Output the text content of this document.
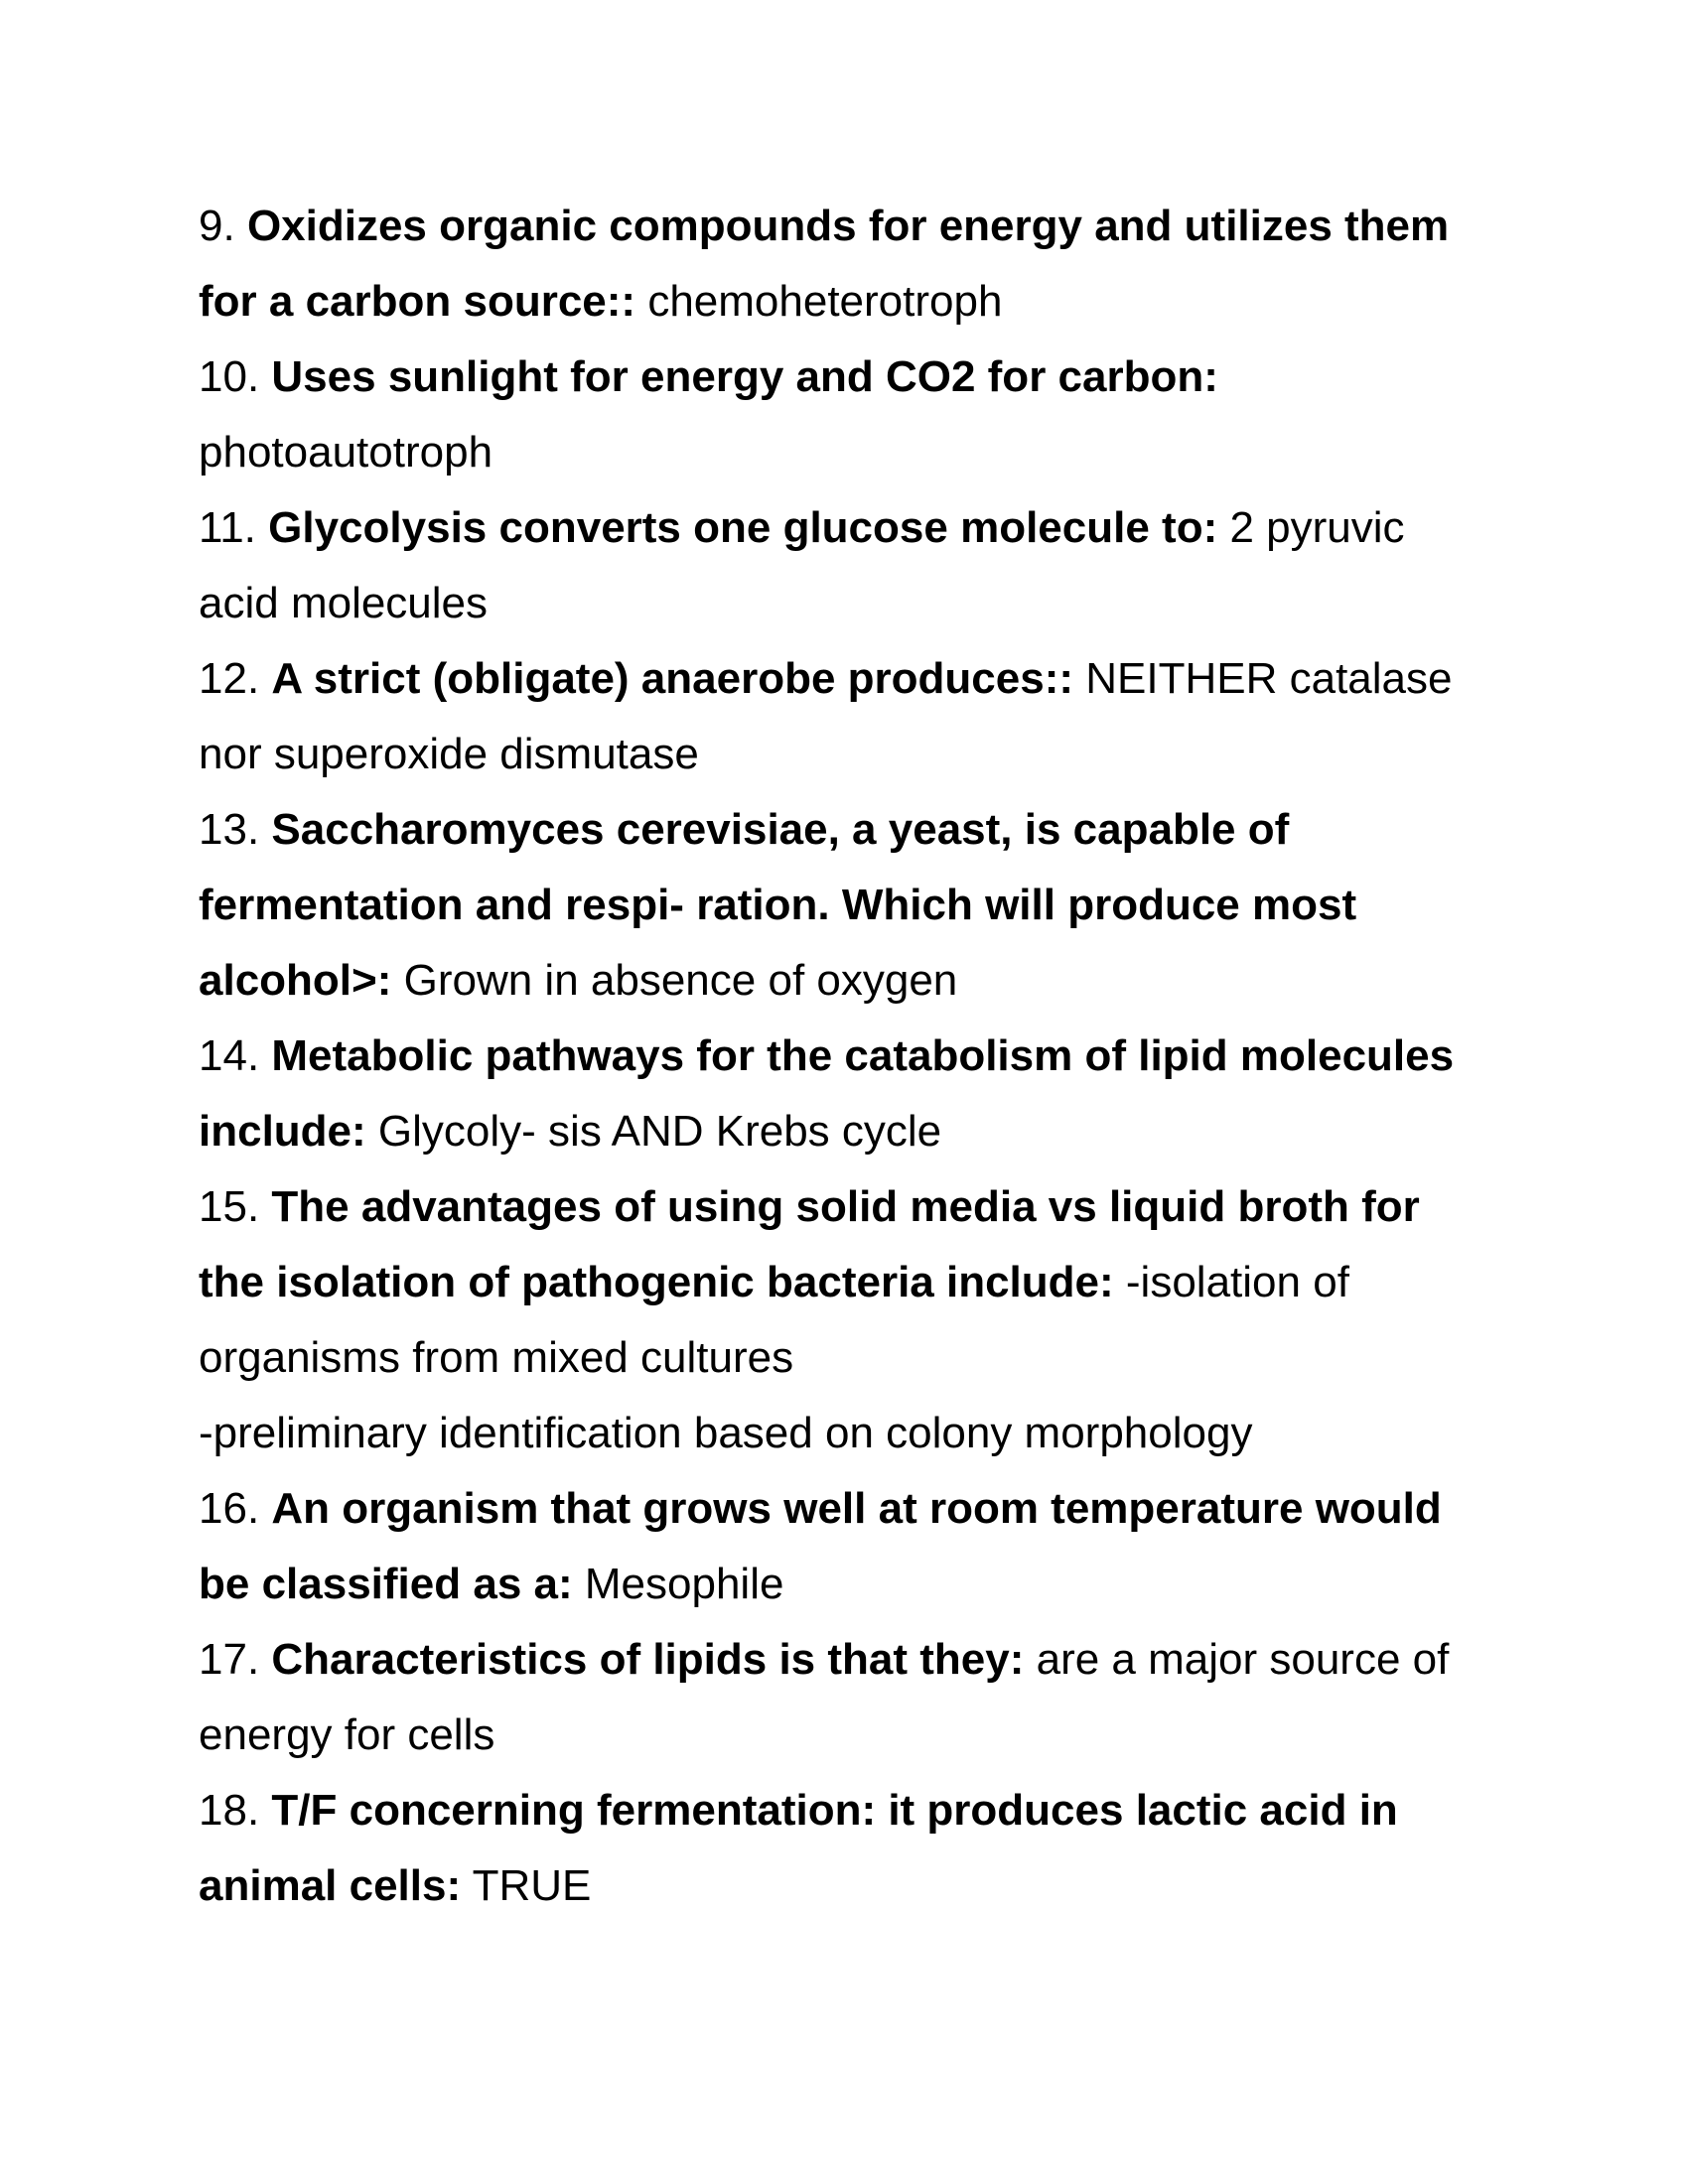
9. Oxidizes organic compounds for energy and utilizes them for a carbon source:: chemoheterotroph

10. Uses sunlight for energy and CO2 for carbon:
photoautotroph

11. Glycolysis converts one glucose molecule to: 2 pyruvic acid molecules

12. A strict (obligate) anaerobe produces:: NEITHER catalase nor superoxide dismutase

13. Saccharomyces cerevisiae, a yeast, is capable of fermentation and respi- ration. Which will produce most alcohol>: Grown in absence of oxygen

14. Metabolic pathways for the catabolism of lipid molecules include: Glycoly- sis AND Krebs cycle

15. The advantages of using solid media vs liquid broth for the isolation of pathogenic bacteria include: -isolation of organisms from mixed cultures
-preliminary identification based on colony morphology

16. An organism that grows well at room temperature would be classified as a: Mesophile

17. Characteristics of lipids is that they: are a major source of energy for cells

18. T/F concerning fermentation: it produces lactic acid in animal cells: TRUE
